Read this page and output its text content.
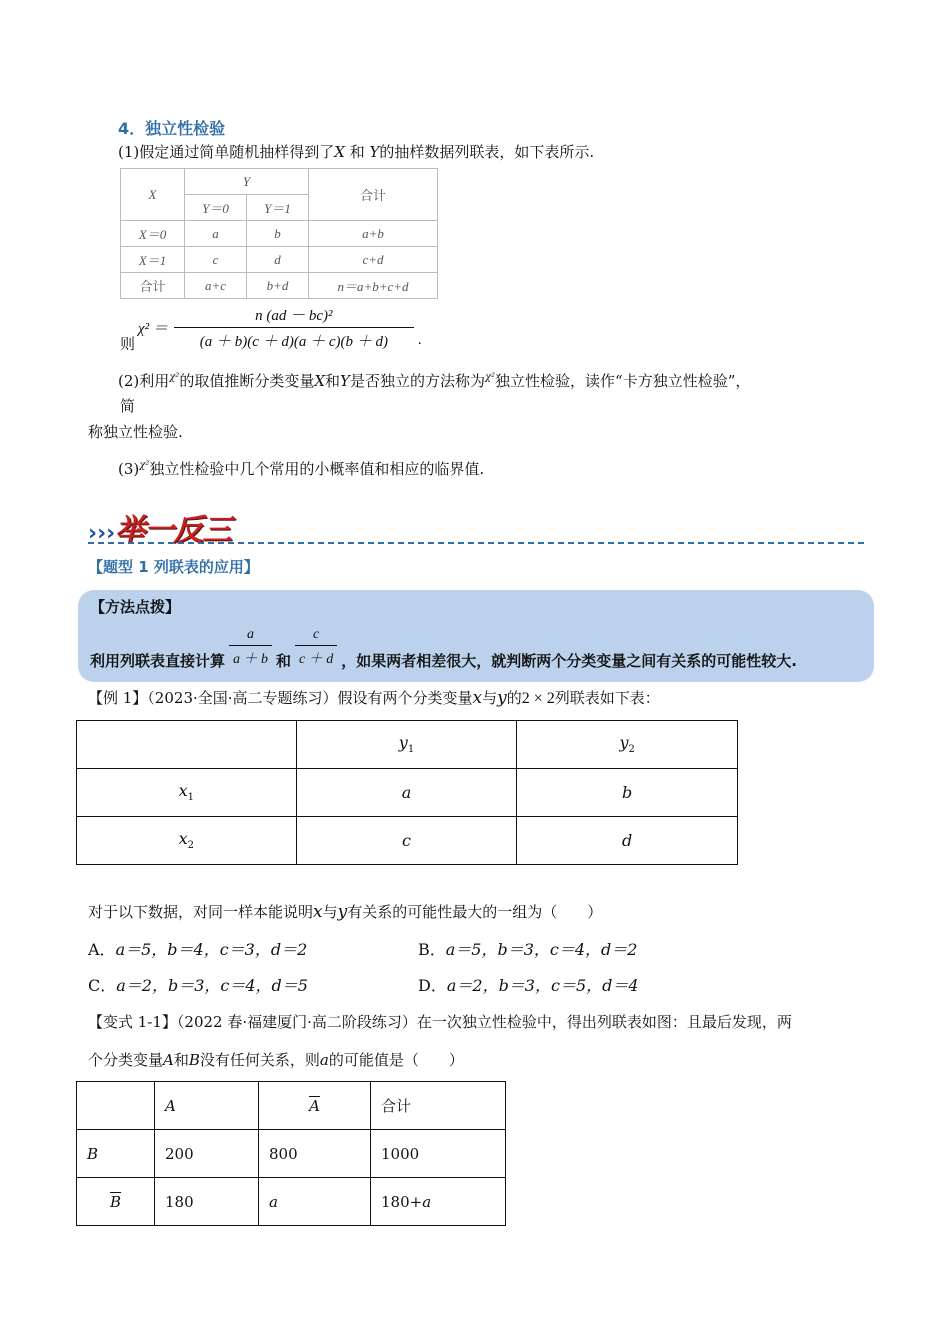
4．独立性检验
(1)假定通过简单随机抽样得到了X 和 Y的抽样数据列联表，如下表所示.
X	Y		合计
	Y＝0	Y＝1	
X＝0	a	b	a+b
X＝1	c	d	c+d
合计	a+c	b+d	n＝a+b+c+d
则
$\chi^2 = \frac{\text{n (ad － bc)²}}{(a + b)(c + d)(a + c)(b + d)}$ .
(2)利用$^{\chi^2}$的取值推断分类变量X和Y是否独立的方法称为$^{\chi^2}$独立性检验，读作“卡方独立性检验”，
简
称独立性检验.
$(3)^{\chi^2}$独立性检验中几个常用的小概率值和相应的临界值.
›››举一反三
【题型 1 列联表的应用】
【方法点拨】
利用列联表直接计算 $\frac{a}{a + b}$ 和 $\frac{c}{c + d}$ ，如果两者相差很大，就判断两个分类变量之间有关系的可能性较大.
【例 1】（2023·全国·高二专题练习）假设有两个分类变量x与y的2 × 2列联表如下表：
	$y_1$	$y_2$
$x_1$	a	b
$x_2$	c	d
对于以下数据，对同一样本能说明x与y有关系的可能性最大的一组为（　　）
A．a＝5，b＝4，c＝3，d＝2	B．a＝5，b＝3，c＝4，d＝2
C．a＝2，b＝3，c＝4，d＝5	D．a＝2，b＝3，c＝5，d＝4
【变式 1-1】（2022 春·福建厦门·高二阶段练习）在一次独立性检验中，得出列联表如图：且最后发现，两
个分类变量A和B没有任何关系，则a的可能值是（　　）
	A	$\overline{A}$	合计
B	200	800	1000
$\overline{B}$	180	a	180+a
